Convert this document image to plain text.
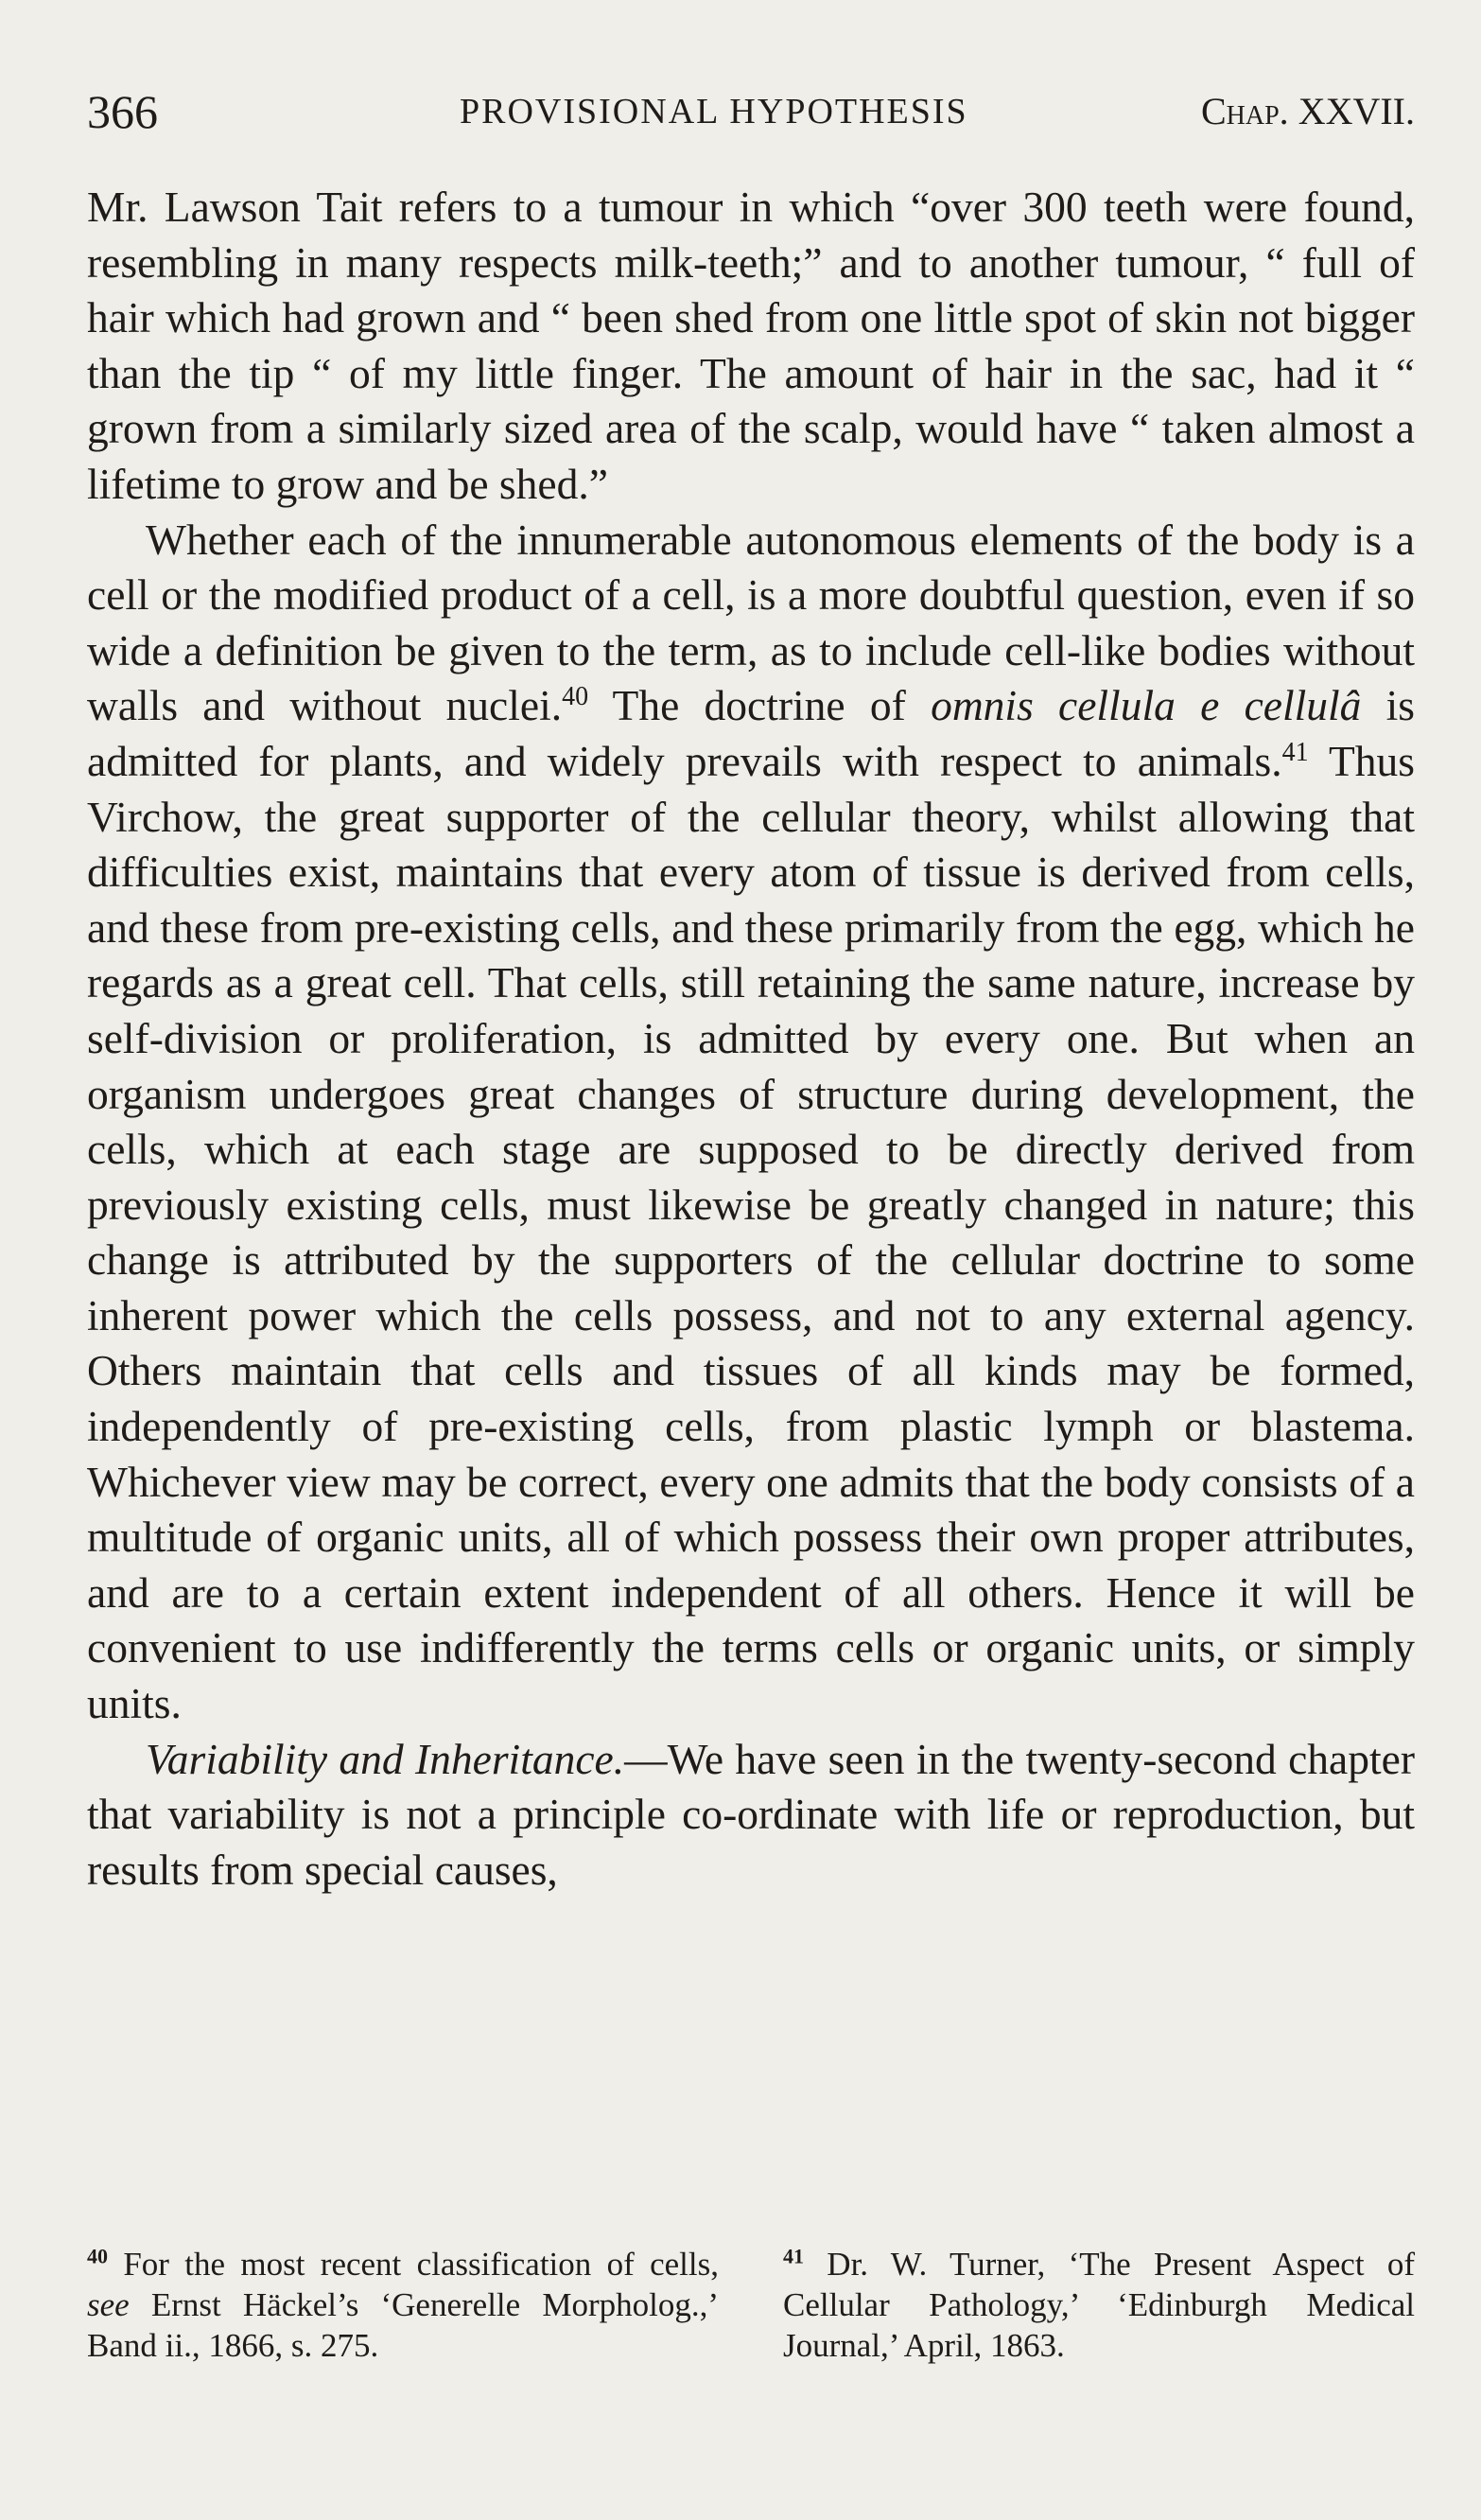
366	PROVISIONAL HYPOTHESIS	Chap. XXVII.

Mr. Lawson Tait refers to a tumour in which “over 300 teeth were found, resembling in many respects milk-teeth;” and to another tumour, “ full of hair which had grown and “ been shed from one little spot of skin not bigger than the tip “ of my little finger. The amount of hair in the sac, had it “ grown from a similarly sized area of the scalp, would have “ taken almost a lifetime to grow and be shed.”

Whether each of the innumerable autonomous elements of the body is a cell or the modified product of a cell, is a more doubtful question, even if so wide a definition be given to the term, as to include cell-like bodies without walls and without nuclei.$^{40}$ The doctrine of omnis cellula e cellulâ is admitted for plants, and widely prevails with respect to animals.$^{41}$ Thus Virchow, the great supporter of the cellular theory, whilst allowing that difficulties exist, maintains that every atom of tissue is derived from cells, and these from pre-existing cells, and these primarily from the egg, which he regards as a great cell. That cells, still retaining the same nature, increase by self-division or proliferation, is admitted by every one. But when an organism undergoes great changes of structure during development, the cells, which at each stage are supposed to be directly derived from previously existing cells, must likewise be greatly changed in nature; this change is attributed by the supporters of the cellular doctrine to some inherent power which the cells possess, and not to any external agency. Others maintain that cells and tissues of all kinds may be formed, independently of pre-existing cells, from plastic lymph or blastema. Whichever view may be correct, every one admits that the body consists of a multitude of organic units, all of which possess their own proper attributes, and are to a certain extent independent of all others. Hence it will be convenient to use indifferently the terms cells or organic units, or simply units.

Variability and Inheritance.—We have seen in the twenty-second chapter that variability is not a principle co-ordinate with life or reproduction, but results from special causes,

$^{40}$ For the most recent classification of cells, see Ernst Häckel’s ‘Generelle Morpholog.,’ Band ii., 1866, s. 275.
$^{41}$ Dr. W. Turner, ‘The Present Aspect of Cellular Pathology,’ ‘Edinburgh Medical Journal,’ April, 1863.
